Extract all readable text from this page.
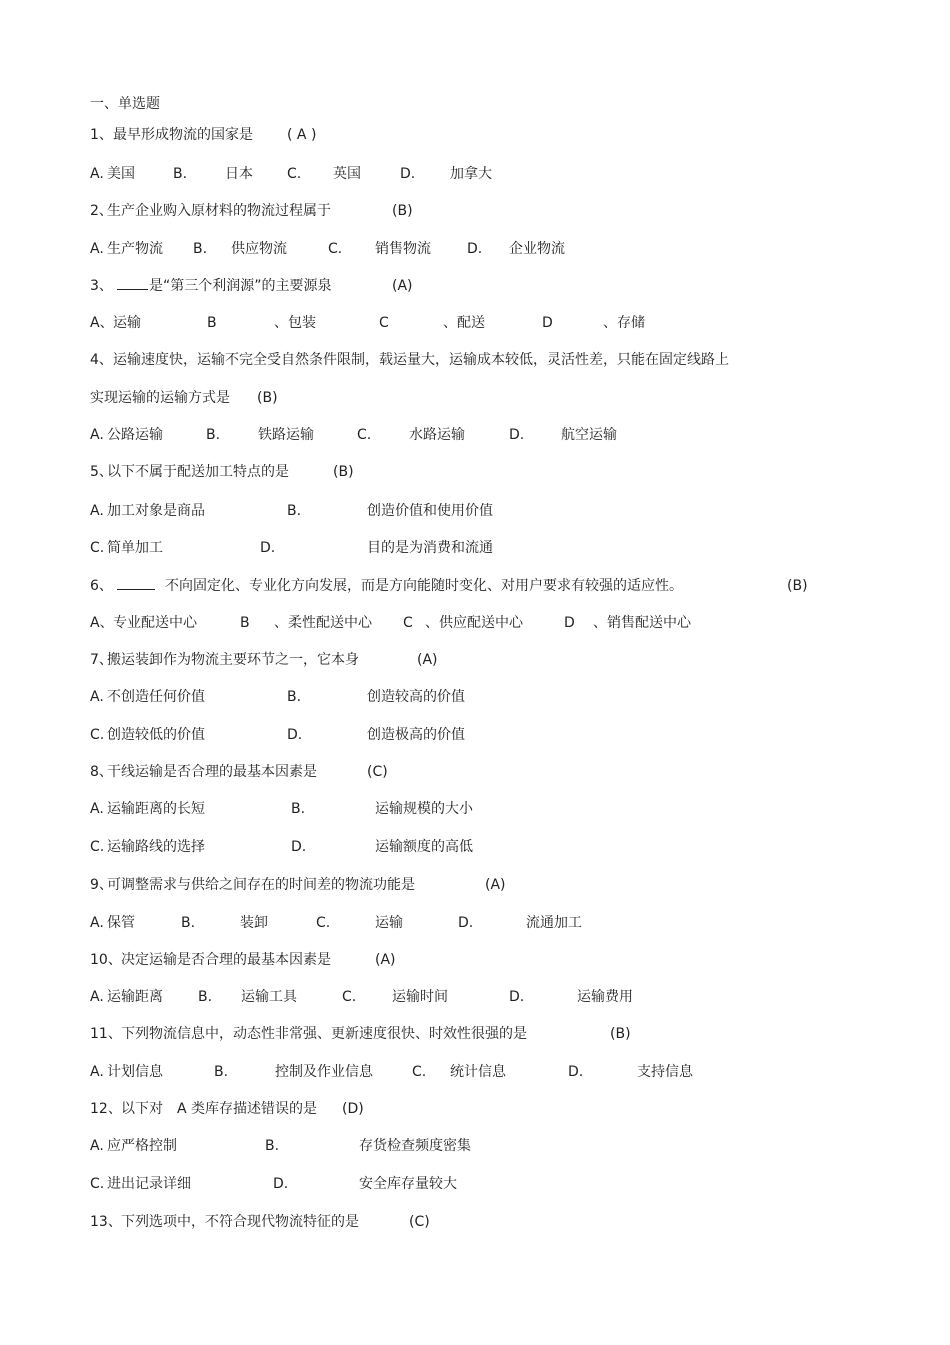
一、单选题
1、 最早形成物流的国家是 ( A )
A. 美国	B.	日本 C. 英国	D. 加拿大
2、
生产企业购入原材料的物流过程属于	(B)
A. 生产物流 B. 供应物流	C. 销售物流	D. 企业物流
3、	是“第三个利润源”的主要源泉	(A)
A、 运输	B	、包装	C	、配送	D	、存储
4、 运输速度快，运输不完全受自然条件限制，载运量大，运输成本较低，灵活性差，只能在固定线路上
实现运输的运输方式是 (B)
A. 公路运输	B.	铁路运输	C.	水路运输	D.	航空运输
5、
以下不属于配送加工特点的是	(B)
A. 加工对象是商品	B.	创造价值和使用价值
C. 简单加工	D.	目的是为消费和流通
6、	不向固定化、专业化方向发展，而是方向能随时变化、对用户要求有较强的适应性。	(B)
A、 专业配送中心	B 、柔性配送中心 C 、供应配送中心	D 、销售配送中心
7、
搬运装卸作为物流主要环节之一，它本身	(A)
A. 不创造任何价值	B.	创造较高的价值
C. 创造较低的价值	D.	创造极高的价值
8、
干线运输是否合理的最基本因素是	(C)
A. 运输距离的长短	B.	运输规模的大小
C. 运输路线的选择	D.	运输额度的高低
9、
可调整需求与供给之间存在的时间差的物流功能是	(A)
A. 保管	B.	装卸	C.	运输	D.	流通加工
10、 决定运输是否合理的最基本因素是	(A)
A. 运输距离	B. 运输工具	C.	运输时间	D.	运输费用
11、 下列物流信息中，动态性非常强、更新速度很快、时效性很强的是	(B)
A. 计划信息	B.	控制及作业信息	C. 统计信息	D.	支持信息
12、 以下对 A 类库存描述错误的是 (D)
A. 应严格控制	B.	存货检查频度密集
C. 进出记录详细	D.	安全库存量较大
13、 下列选项中，不符合现代物流特征的是	(C)
